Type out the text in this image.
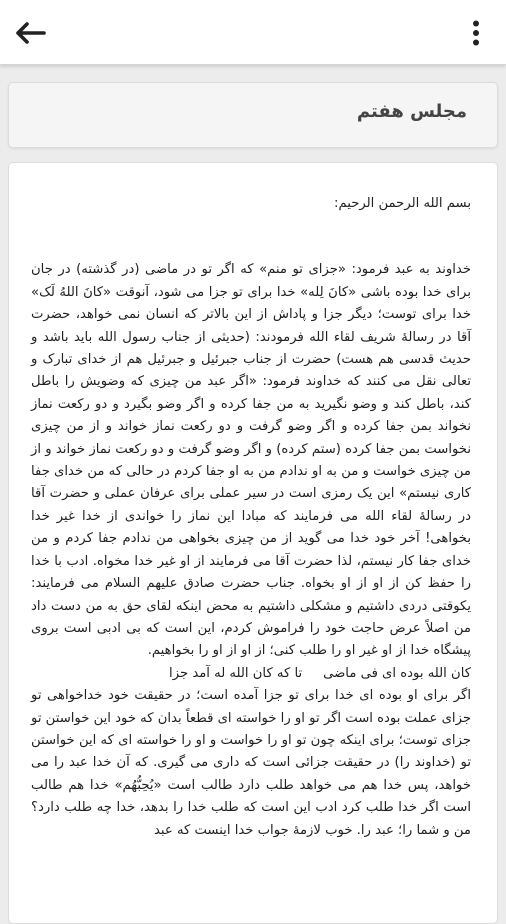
مجلس هفتم

بسم الله الرحمن الرحيم:

خداوند به عبد فرمود: «جزای تو منم» که اگر تو در ماضی (در گذشته) در جان برای خدا بوده باشی «کانَ لِله» خدا برای تو جزا می شود، آنوقت «کانَ اللهُ لَک» خدا برای توست؛ دیگر جزا و پاداش از این بالاتر که انسان نمی خواهد، حضرت آقا در رسالهٔ شریف لقاء الله فرمودند: (حدیثی از جناب رسول الله باید باشد و حدیث قدسی هم هست) حضرت از جناب جبرئیل و جبرئیل هم از خدای تبارک و تعالی نقل می کنند که خداوند فرمود: «اگر عبد من چیزی که وضویش را باطل کند، باطل کند و وضو نگیرید به من جفا کرده و اگر وضو بگیرد و دو رکعت نماز نخواند بمن جفا کرده و اگر وضو گرفت و دو رکعت نماز خواند و از من چیزی نخواست بمن جفا کرده (ستم کرده) و اگر وضو گرفت و دو رکعت نماز خواند و از من چیزی خواست و من به او ندادم من به او جفا کردم در حالی که من خدای جفا کاری نیستم» این یک رمزی است در سیر عملی برای عرفان عملی و حضرت آقا در رسالهٔ لقاء الله می فرمایند که مبادا این نماز را خواندی از خدا غیر خدا بخواهی! آخر خود خدا می گوید از من چیزی بخواهی من ندادم جفا کردم و من خدای جفا کار نیستم، لذا حضرت آقا می فرمایند از او غیر خدا مخواه. ادب با خدا را حفظ کن از او از او بخواه. جناب حضرت صادق علیهم السلام می فرمایند: یکوقتی دردی داشتیم و مشکلی داشتیم به محض اینکه لقای حق به من دست داد من اصلاً عرض حاجت خود را فراموش کردم، این است که بی ادبی است بروی پیشگاه خدا از او غیر او را طلب کنی؛ از او از او را بخواهیم.

کان الله بوده ای فی ماضی     تا که کان الله له آمد جزا

اگر برای او بوده ای خدا برای تو جزا آمده است؛ در حقیقت خود خداخواهی تو جزای عملت بوده است اگر تو او را خواسته ای قطعاً بدان که خود این خواستن تو جزای توست؛ برای اینکه چون تو او را خواست و او را خواسته ای که این خواستن تو (خداوند را) در حقیقت جزائی است که داری می گیری. که آن خدا عبد را می خواهد، پس خدا هم می خواهد طلب دارد طالب است «یُحِبُّهُم» خدا هم طالب است اگر خدا طلب کرد ادب این است که طلب خدا را بدهد، خدا چه طلب دارد؟ من و شما را؛ عبد را. خوب لازمهٔ جواب خدا اینست که عبد
